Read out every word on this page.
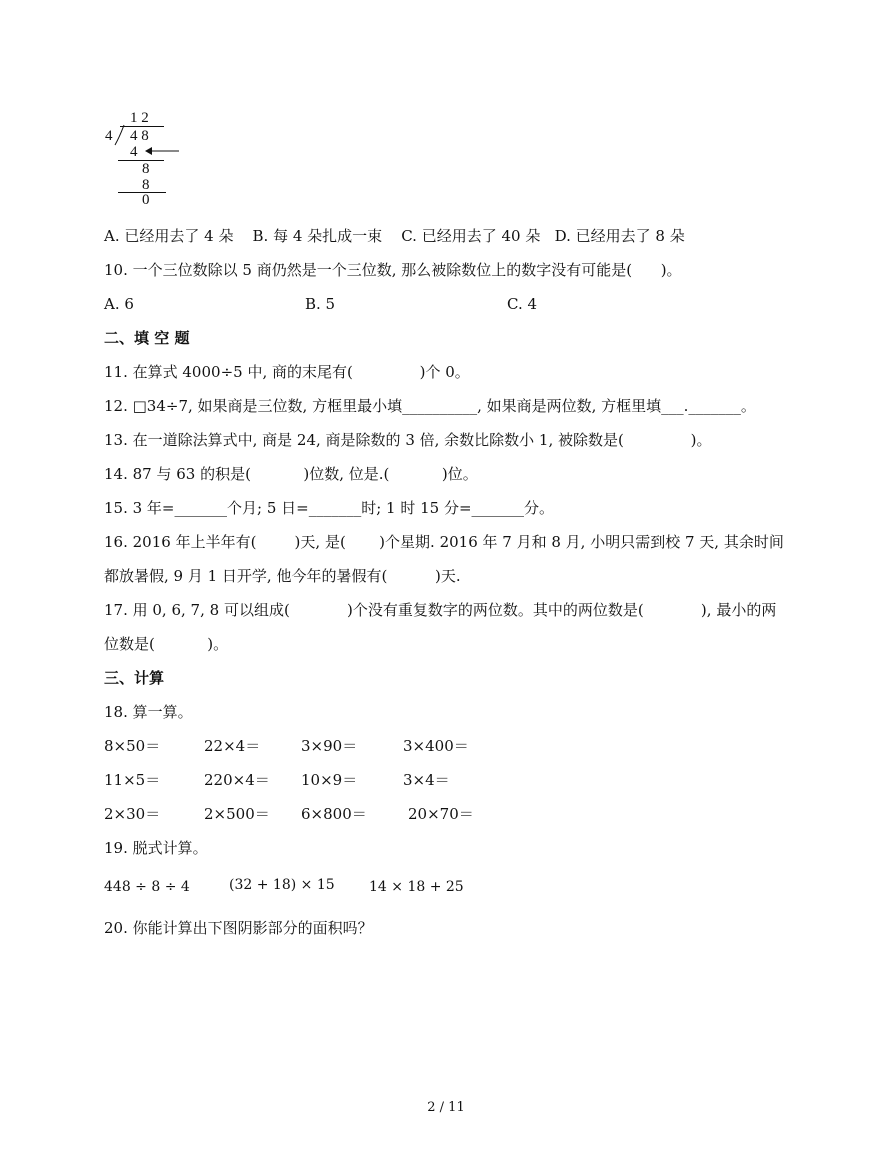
1 2
4 4 8
4
8
8
0
A. 已经用去了 4 朵    B. 每 4 朵扎成一束    C. 已经用去了 40 朵   D. 已经用去了 8 朵
10. 一个三位数除以 5 商仍然是一个三位数, 那么被除数位上的数字没有可能是(      )。
A. 6	B. 5	C. 4
二、填 空 题
11. 在算式 4000÷5 中, 商的末尾有(              )个 0。
12. □34÷7, 如果商是三位数, 方框里最小填__________, 如果商是两位数, 方框里填___._______。
13. 在一道除法算式中, 商是 24, 商是除数的 3 倍, 余数比除数小 1, 被除数是(              )。
14. 87 与 63 的积是(           )位数, 位是.(           )位。
15. 3 年=_______个月; 5 日=_______时; 1 时 15 分=_______分。
16. 2016 年上半年有(        )天, 是(       )个星期. 2016 年 7 月和 8 月, 小明只需到校 7 天, 其余时间
都放暑假, 9 月 1 日开学, 他今年的暑假有(          )天.
17. 用 0, 6, 7, 8 可以组成(            )个没有重复数字的两位数。其中的两位数是(            ), 最小的两
位数是(           )。
三、计算
18. 算一算。
8×50＝	22×4＝	3×90＝	3×400＝
11×5＝	220×4＝ 10×9＝	3×4＝
2×30＝	2×500＝ 6×800＝	20×70＝
19. 脱式计算。
448 ÷ 8 ÷ 4	(32 + 18) × 15 14 × 18 + 25
20. 你能计算出下图阴影部分的面积吗？
2 / 11
